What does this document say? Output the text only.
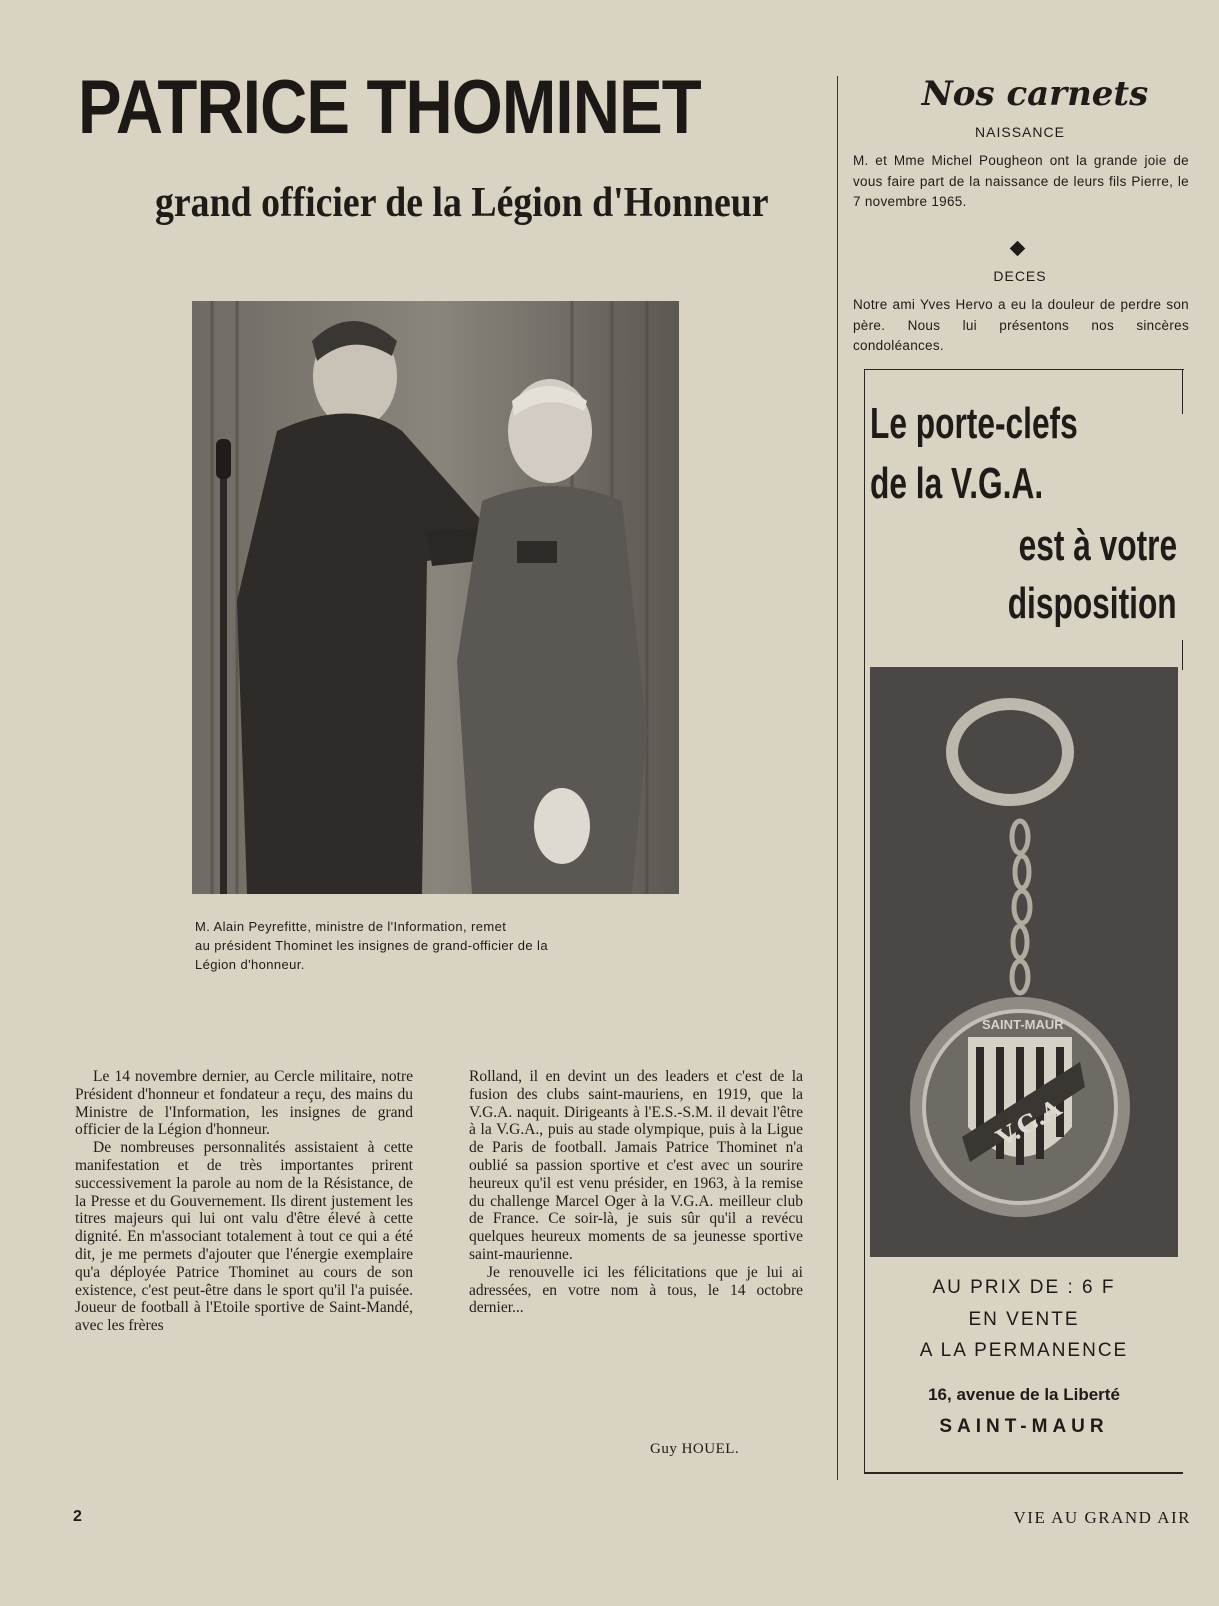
PATRICE THOMINET
grand officier de la Légion d'Honneur
M. Alain Peyrefitte, ministre de l'Information, remet
au président Thominet les insignes de grand-officier de la
Légion d'honneur.

Le 14 novembre dernier, au Cercle militaire, notre Président d'honneur et fondateur a reçu, des mains du Ministre de l'Information, les insignes de grand officier de la Légion d'honneur.

De nombreuses personnalités assistaient à cette manifestation et de très importantes prirent successivement la parole au nom de la Résistance, de la Presse et du Gouvernement. Ils dirent justement les titres majeurs qui lui ont valu d'être élevé à cette dignité. En m'associant totalement à tout ce qui a été dit, je me permets d'ajouter que l'énergie exemplaire qu'a déployée Patrice Thominet au cours de son existence, c'est peut-être dans le sport qu'il l'a puisée. Joueur de football à l'Etoile sportive de Saint-Mandé, avec les frères

Rolland, il en devint un des leaders et c'est de la fusion des clubs saint-mauriens, en 1919, que la V.G.A. naquit. Dirigeants à l'E.S.-S.M. il devait l'être à la V.G.A., puis au stade olympique, puis à la Ligue de Paris de football. Jamais Patrice Thominet n'a oublié sa passion sportive et c'est avec un sourire heureux qu'il est venu présider, en 1963, à la remise du challenge Marcel Oger à la V.G.A. meilleur club de France. Ce soir-là, je suis sûr qu'il a revécu quelques heureux moments de sa jeunesse sportive saint-maurienne.

Je renouvelle ici les félicitations que je lui ai adressées, en votre nom à tous, le 14 octobre dernier...

Guy HOUEL.
Nos carnets
NAISSANCE
M. et Mme Michel Pougheon ont la grande joie de vous faire part de la naissance de leurs fils Pierre, le 7 novembre 1965.
DECES
Notre ami Yves Hervo a eu la douleur de perdre son père. Nous lui présentons nos sincères condoléances.
Le porte-clefs
de la V.G.A.
est à votre
disposition
V.G.A
SAINT-MAUR
AU PRIX DE : 6 F
EN VENTE
A LA PERMANENCE
16, avenue de la Liberté
SAINT-MAUR
2	VIE AU GRAND AIR
